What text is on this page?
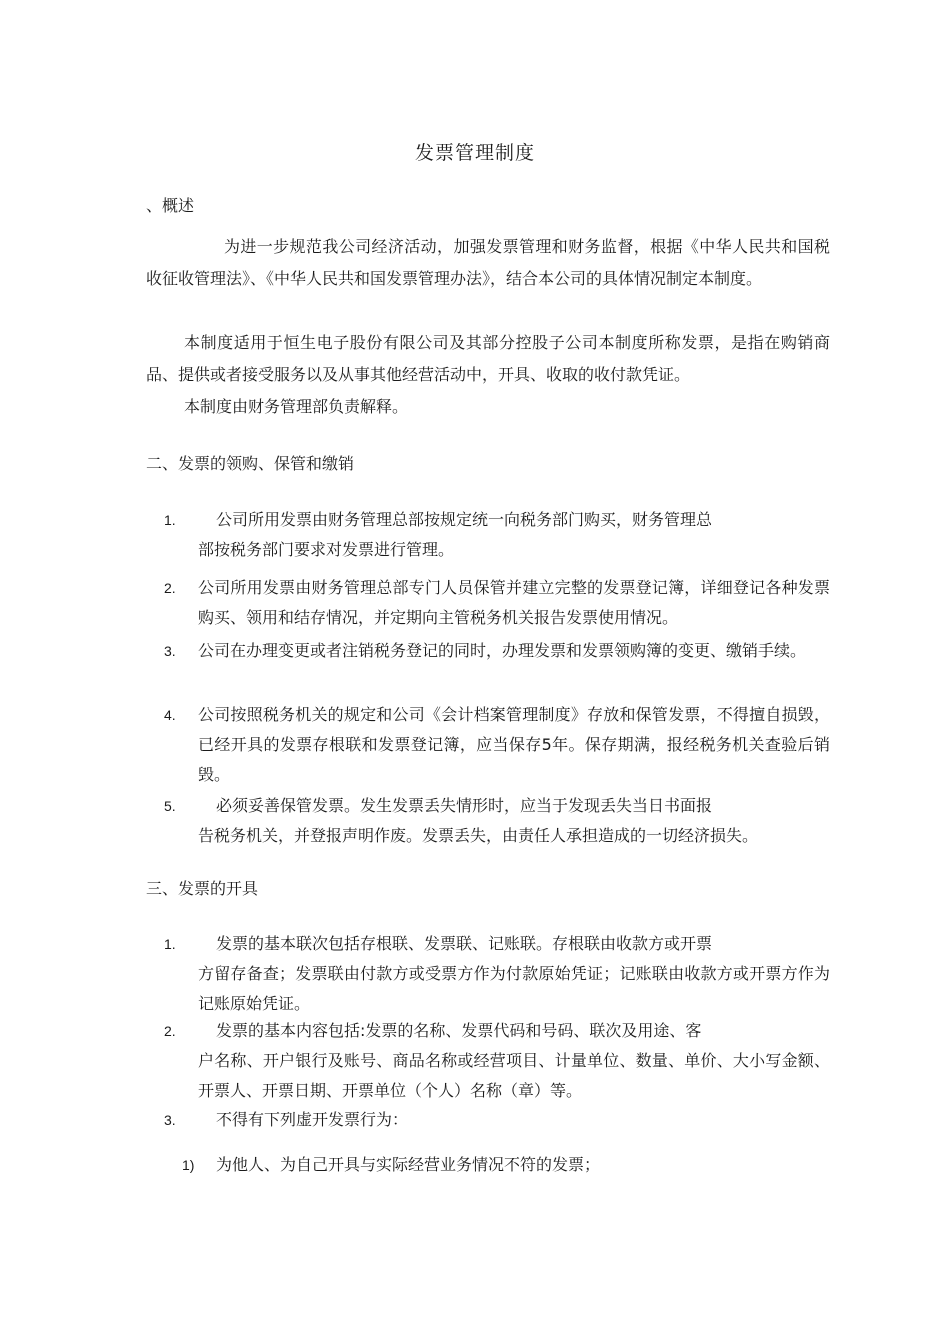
发票管理制度
、概述
为进一步规范我公司经济活动，加强发票管理和财务监督，根据《中华人民共和国税收征收管理法》、《中华人民共和国发票管理办法》，结合本公司的具体情况制定本制度。
本制度适用于恒生电子股份有限公司及其部分控股子公司本制度所称发票，是指在购销商品、提供或者接受服务以及从事其他经营活动中，开具、收取的收付款凭证。
本制度由财务管理部负责解释。
二、发票的领购、保管和缴销
1.	公司所用发票由财务管理总部按规定统一向税务部门购买，财务管理总
部按税务部门要求对发票进行管理。
2.	公司所用发票由财务管理总部专门人员保管并建立完整的发票登记簿，详细登记各种发票购买、领用和结存情况，并定期向主管税务机关报告发票使用情况。
3.	公司在办理变更或者注销税务登记的同时，办理发票和发票领购簿的变更、缴销手续。
4.	公司按照税务机关的规定和公司《会计档案管理制度》存放和保管发票，不得擅自损毁，已经开具的发票存根联和发票登记簿，应当保存5年。保存期满，报经税务机关查验后销毁。
5.	必须妥善保管发票。发生发票丢失情形时，应当于发现丢失当日书面报
告税务机关，并登报声明作废。发票丢失，由责任人承担造成的一切经济损失。
三、发票的开具
1.	发票的基本联次包括存根联、发票联、记账联。存根联由收款方或开票
方留存备查；发票联由付款方或受票方作为付款原始凭证；记账联由收款方或开票方作为记账原始凭证。
2.	发票的基本内容包括:发票的名称、发票代码和号码、联次及用途、客
户名称、开户银行及账号、商品名称或经营项目、计量单位、数量、单价、大小写金额、开票人、开票日期、开票单位（个人）名称（章）等。
3.	不得有下列虚开发票行为：
1) 为他人、为自己开具与实际经营业务情况不符的发票；
